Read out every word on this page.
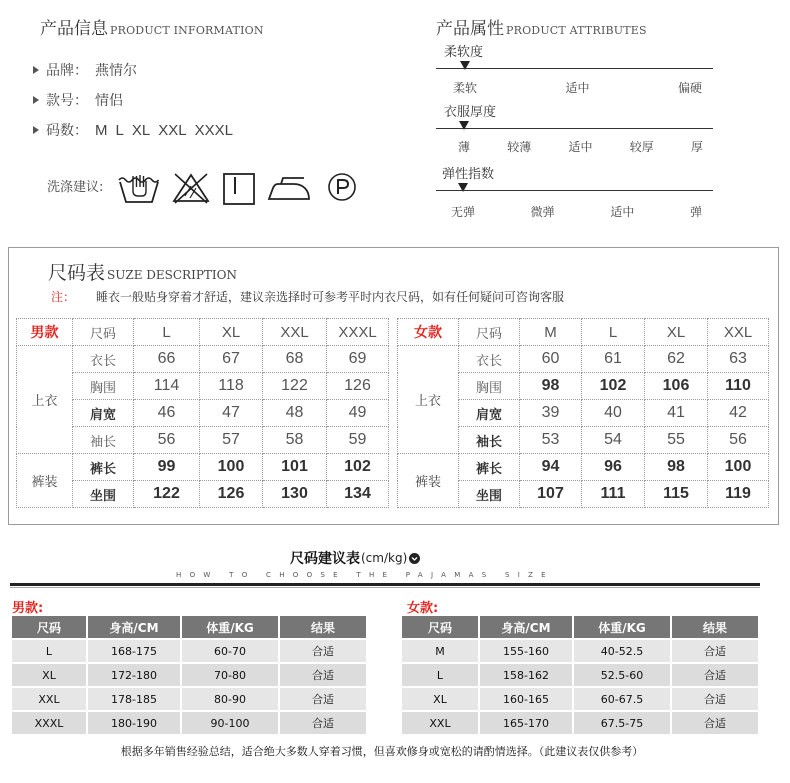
产品信息 PRODUCT INFORMATION
品牌： 燕情尔
款号： 情侣
码数： M L XL XXL XXXL
洗涤建议:
产品属性 PRODUCT ATTRIBUTES
柔软度
柔软	适中	偏硬
衣服厚度
薄	较薄	适中	较厚	厚
弹性指数
无弹	微弹	适中	弹
尺码表 SUZE DESCRIPTION
注： 睡衣一般贴身穿着才舒适，建议亲选择时可参考平时内衣尺码，如有任何疑问可咨询客服
男款	尺码	L	XL	XXL	XXXL
上衣	衣长	66	67	68	69
	胸围	114	118	122	126
	肩宽	46	47	48	49
	袖长	56	57	58	59
裤装	裤长	99	100	101	102
	坐围	122	126	130	134
女款	尺码	M	L	XL	XXL
上衣	衣长	60	61	62	63
	胸围	98	102	106	110
	肩宽	39	40	41	42
	袖长	53	54	55	56
裤装	裤长	94	96	98	100
	坐围	107	111	115	119
尺码建议表 (cm/kg)
HOW TO CHOOSE THE PAJAMAS SIZE
男款:	女款:
尺码	身高/CM	体重/KG	结果
L	168-175	60-70	合适
XL	172-180	70-80	合适
XXL	178-185	80-90	合适
XXXL	180-190	90-100	合适
尺码	身高/CM	体重/KG	结果
M	155-160	40-52.5	合适
L	158-162	52.5-60	合适
XL	160-165	60-67.5	合适
XXL	165-170	67.5-75	合适
根据多年销售经验总结，适合绝大多数人穿着习惯，但喜欢修身或宽松的请酌情选择。（此建议表仅供参考）
